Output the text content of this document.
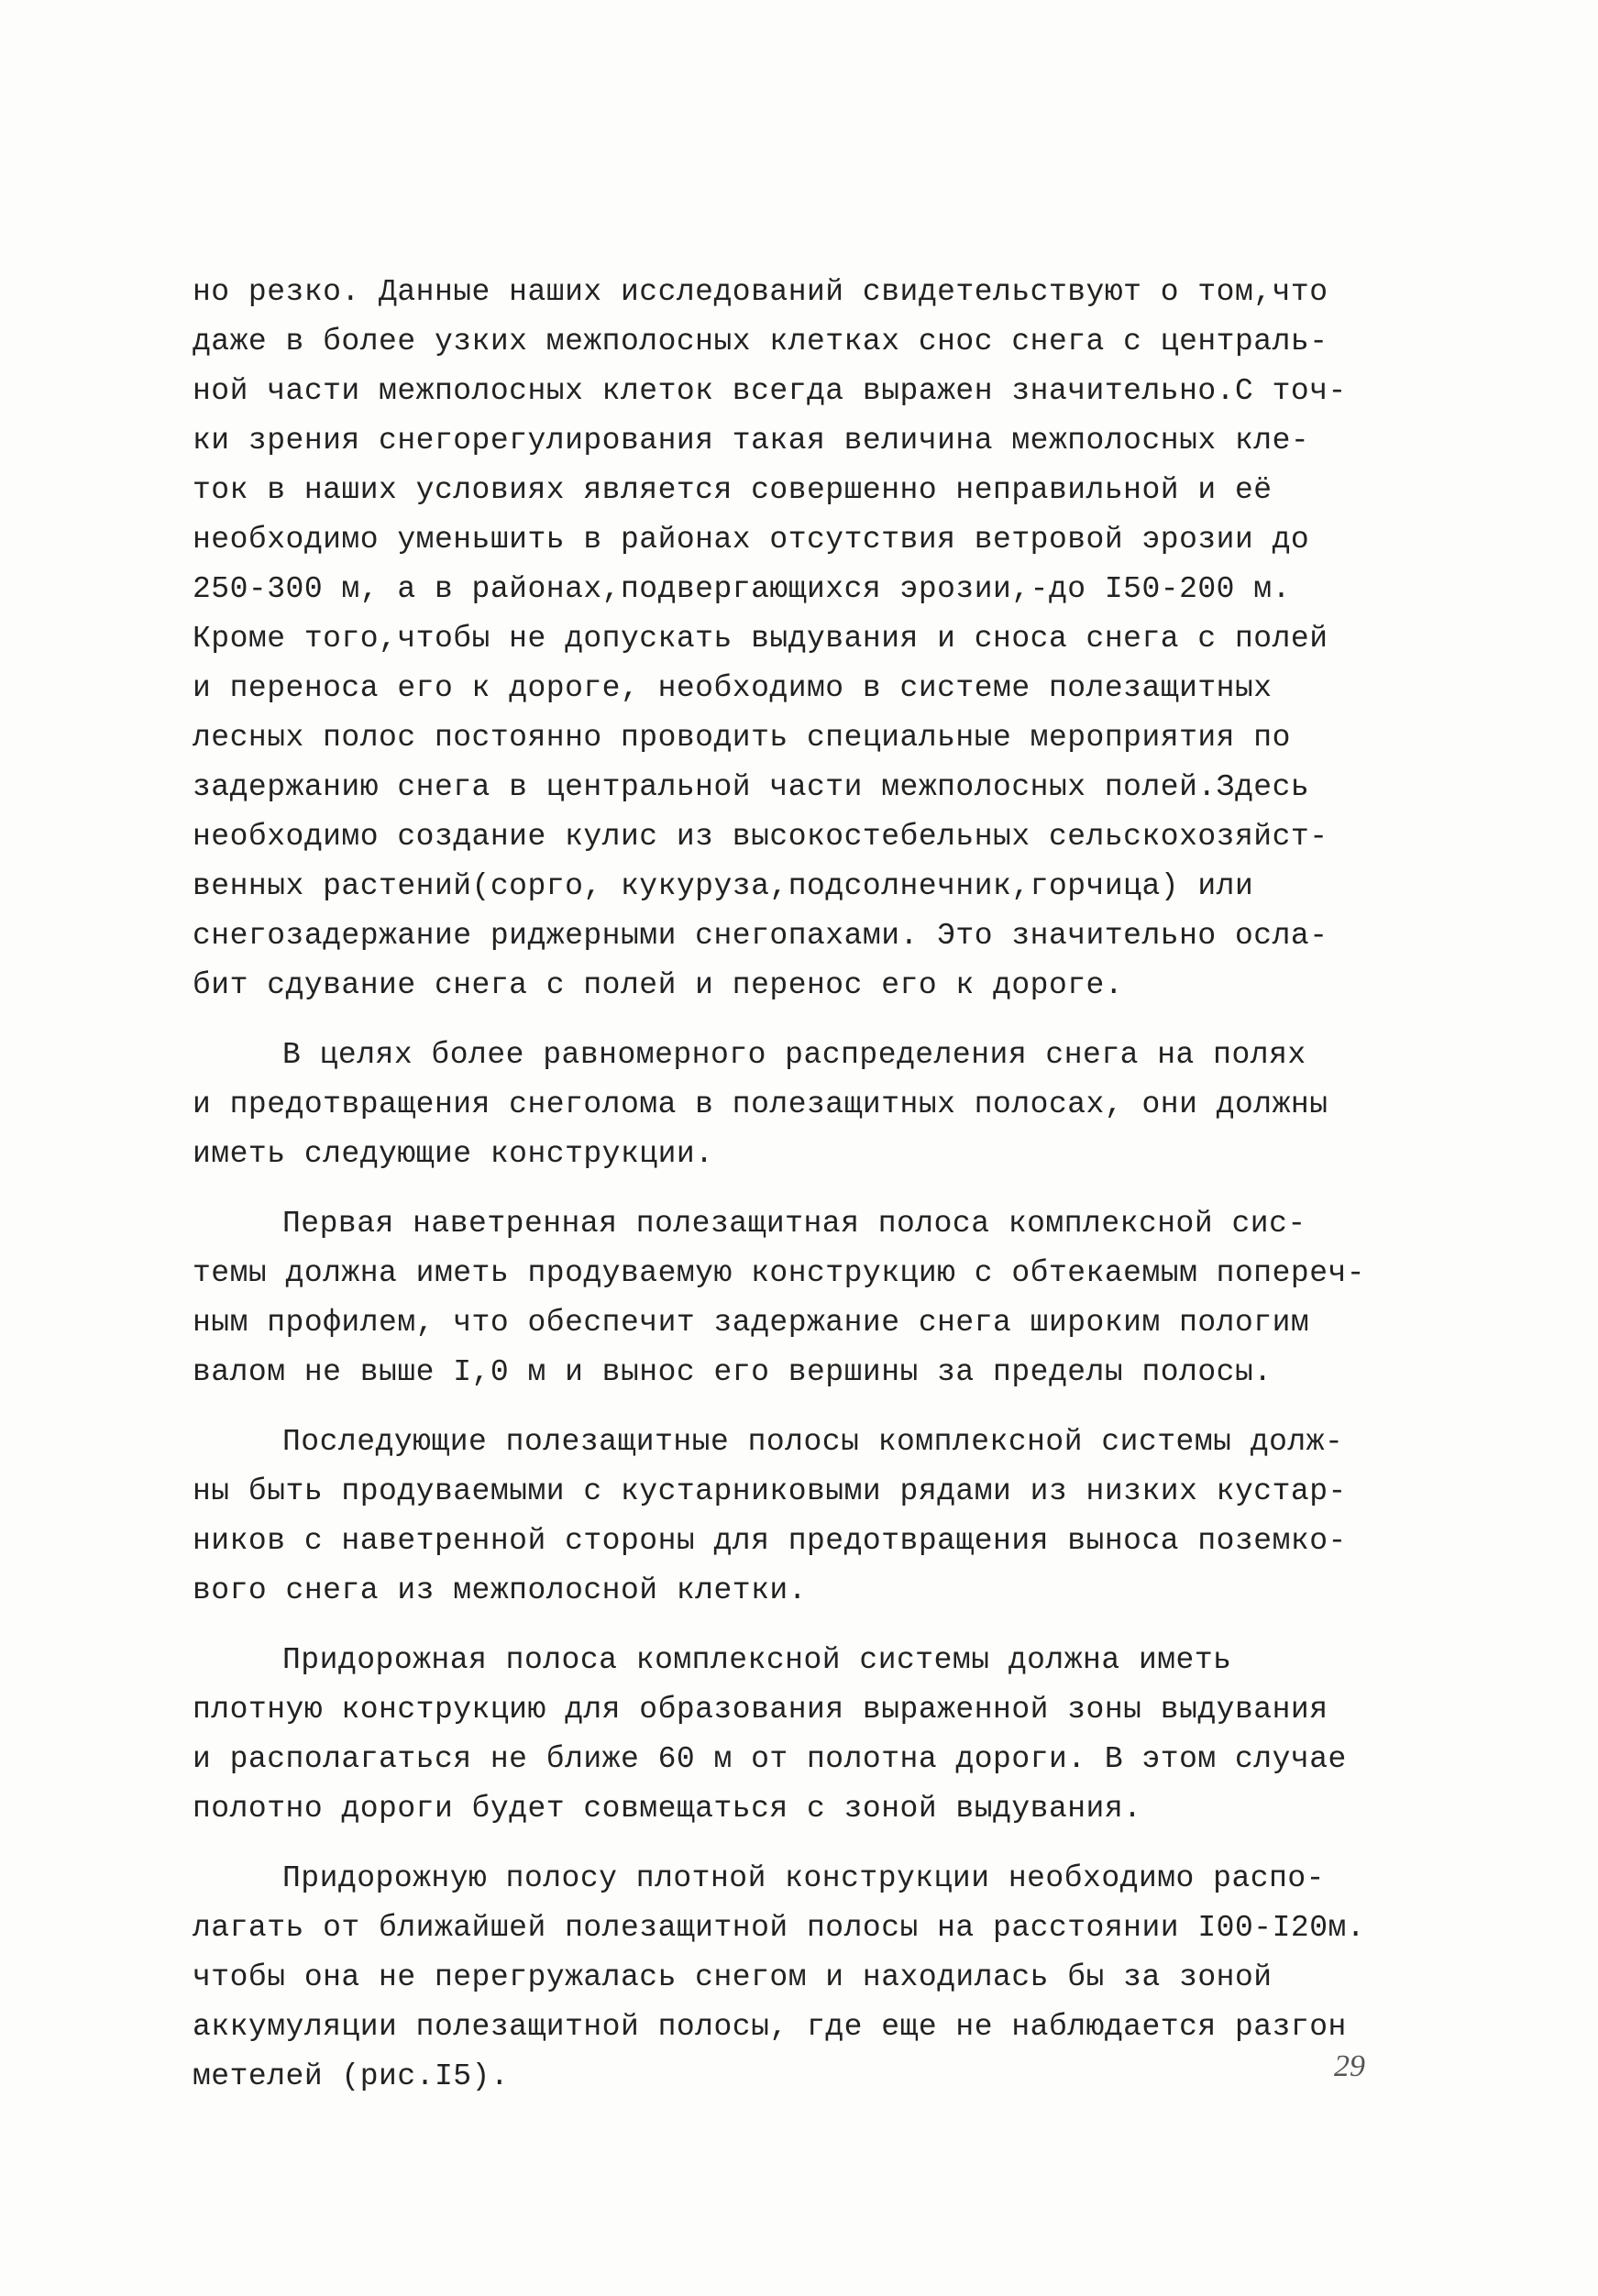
но резко. Данные наших исследований свидетельствуют о том,что
даже в более узких межполосных клетках снос снега с централь-
ной части межполосных клеток всегда выражен значительно.С точ-
ки зрения снегорегулирования такая величина межполосных кле-
ток в наших условиях является совершенно неправильной и её
необходимо уменьшить в районах отсутствия ветровой эрозии до
250-300 м, а в районах,подвергающихся эрозии,-до I50-200 м.
Кроме того,чтобы не допускать выдувания и сноса снега с полей
и переноса его к дороге, необходимо в системе полезащитных
лесных полос постоянно проводить специальные мероприятия по
задержанию снега в центральной части межполосных полей.Здесь
необходимо создание кулис из высокостебельных сельскохозяйст-
венных растений(сорго, кукуруза,подсолнечник,горчица) или
снегозадержание риджерными снегопахами. Это значительно осла-
бит сдувание снега с полей и перенос его к дороге.
В целях более равномерного распределения снега на полях
и предотвращения снеголома в полезащитных полосах, они должны
иметь следующие конструкции.
Первая наветренная полезащитная полоса комплексной сис-
темы должна иметь продуваемую конструкцию с обтекаемым попереч-
ным профилем, что обеспечит задержание снега широким пологим
валом не выше I,0 м и вынос его вершины за пределы полосы.
Последующие полезащитные полосы комплексной системы долж-
ны быть продуваемыми с кустарниковыми рядами из низких кустар-
ников с наветренной стороны для предотвращения выноса поземко-
вого снега из межполосной клетки.
Придорожная полоса комплексной системы должна иметь
плотную конструкцию для образования выраженной зоны выдувания
и располагаться не ближе 60 м от полотна дороги. В этом случае
полотно дороги будет совмещаться с зоной выдувания.
Придорожную полосу плотной конструкции необходимо распо-
лагать от ближайшей полезащитной полосы на расстоянии I00-I20м.
чтобы она не перегружалась снегом и находилась бы за зоной
аккумуляции полезащитной полосы, где еще не наблюдается разгон
метелей (рис.I5).	29
